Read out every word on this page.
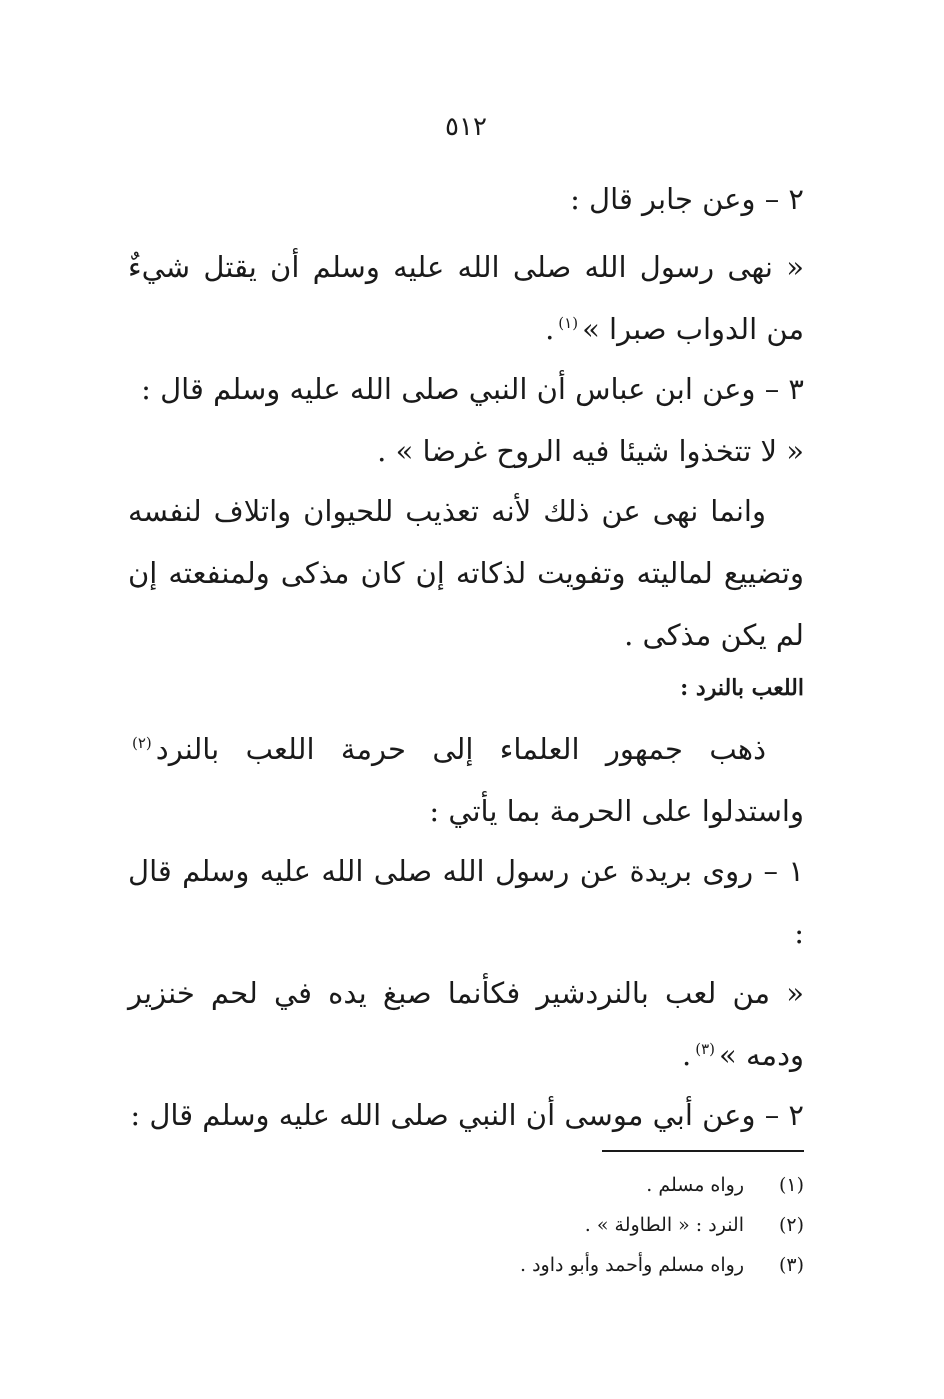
٥١٢
٢ – وعن جابر قال :
« نهى رسول الله صلى الله عليه وسلم أن يقتل شيءٌ من الدواب صبرا »$^{(١)}$.
٣ – وعن ابن عباس أن النبي صلى الله عليه وسلم قال :
« لا تتخذوا شيئا فيه الروح غرضا » .
وانما نهى عن ذلك لأنه تعذيب للحيوان واتلاف لنفسه وتضييع لماليته وتفويت لذكاته إن كان مذكى ولمنفعته إن لم يكن مذكى .
اللعب بالنرد :
ذهب جمهور العلماء إلى حرمة اللعب بالنرد$^{(٢)}$ واستدلوا على الحرمة بما يأتي :
١ – روى بريدة عن رسول الله صلى الله عليه وسلم قال :
« من لعب بالنردشير فكأنما صبغ يده في لحم خنزير ودمه »$^{(٣)}$.
٢ – وعن أبي موسى أن النبي صلى الله عليه وسلم قال :
(١)
رواه مسلم .
(٢)
النرد : « الطاولة » .
(٣)
رواه مسلم وأحمد وأبو داود .
